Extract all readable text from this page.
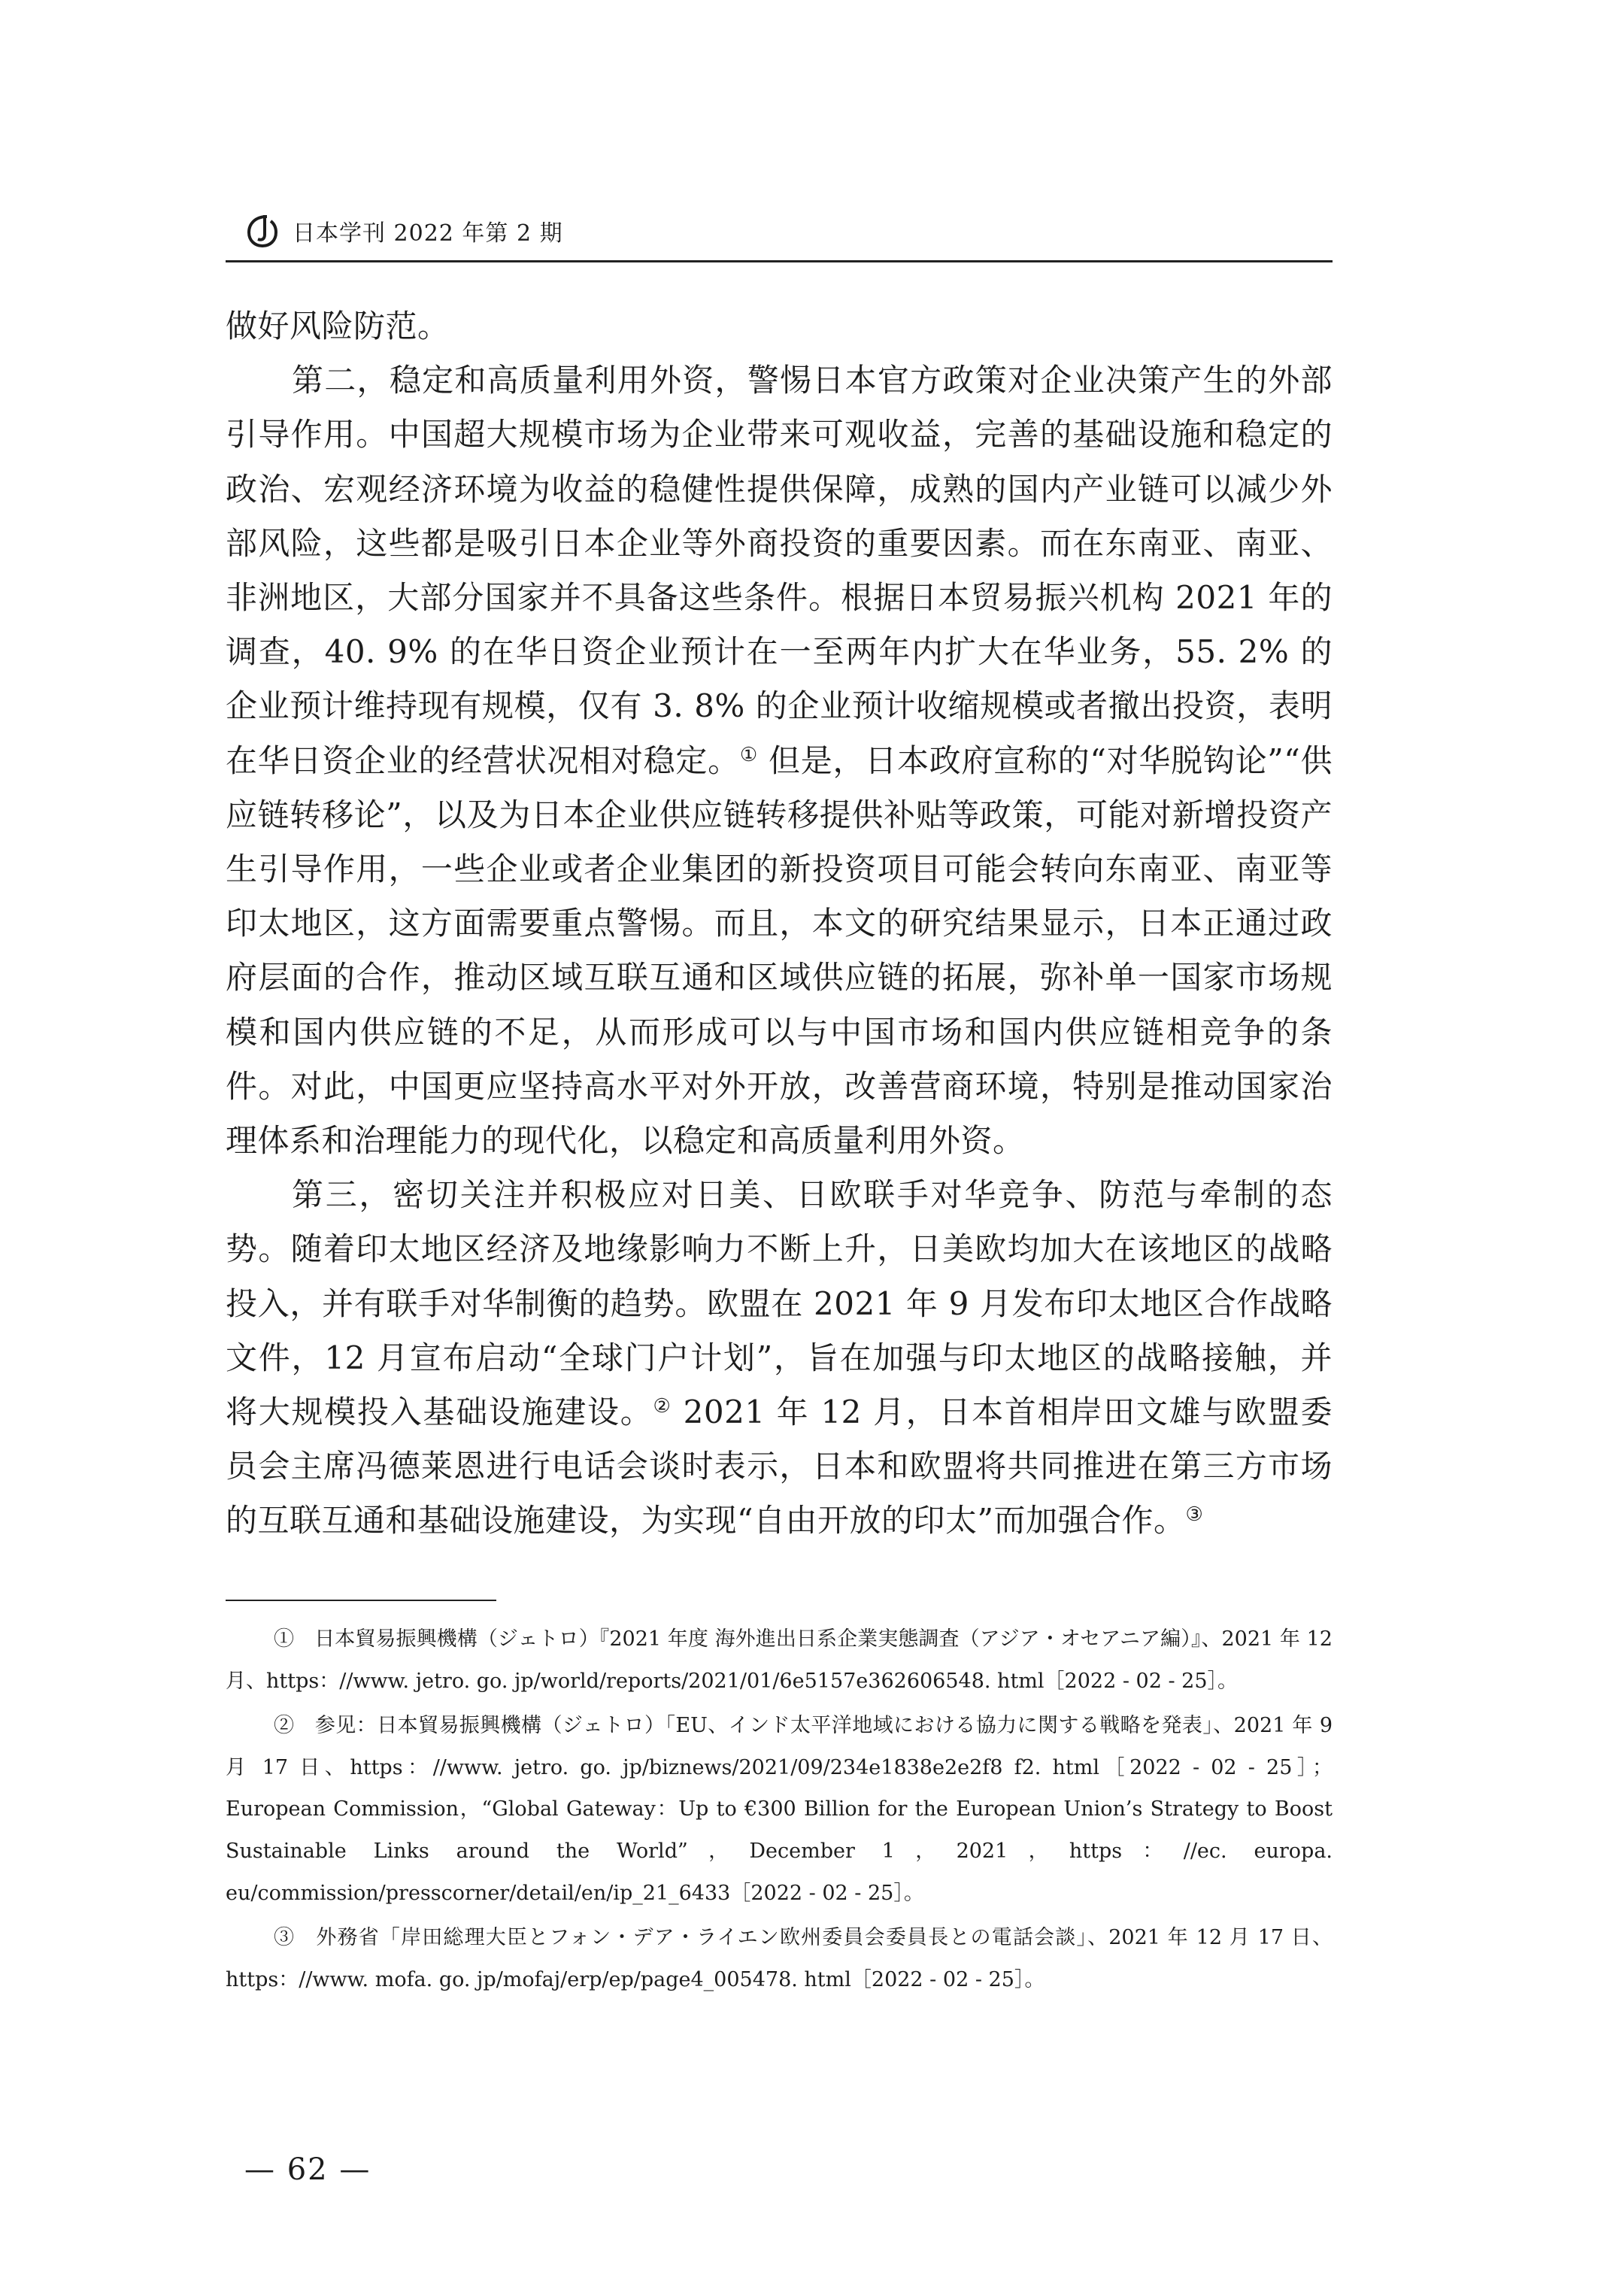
日本学刊 2022 年第 2 期

做好风险防范。

第二，稳定和高质量利用外资，警惕日本官方政策对企业决策产生的外部引导作用。中国超大规模市场为企业带来可观收益，完善的基础设施和稳定的政治、宏观经济环境为收益的稳健性提供保障，成熟的国内产业链可以减少外部风险，这些都是吸引日本企业等外商投资的重要因素。而在东南亚、南亚、非洲地区，大部分国家并不具备这些条件。根据日本贸易振兴机构 2021 年的调查，40. 9% 的在华日资企业预计在一至两年内扩大在华业务，55. 2% 的企业预计维持现有规模，仅有 3. 8% 的企业预计收缩规模或者撤出投资，表明在华日资企业的经营状况相对稳定。① 但是，日本政府宣称的“对华脱钩论”“供应链转移论”，以及为日本企业供应链转移提供补贴等政策，可能对新增投资产生引导作用，一些企业或者企业集团的新投资项目可能会转向东南亚、南亚等印太地区，这方面需要重点警惕。而且，本文的研究结果显示，日本正通过政府层面的合作，推动区域互联互通和区域供应链的拓展，弥补单一国家市场规模和国内供应链的不足，从而形成可以与中国市场和国内供应链相竞争的条件。对此，中国更应坚持高水平对外开放，改善营商环境，特别是推动国家治理体系和治理能力的现代化，以稳定和高质量利用外资。

第三，密切关注并积极应对日美、日欧联手对华竞争、防范与牵制的态势。随着印太地区经济及地缘影响力不断上升，日美欧均加大在该地区的战略投入，并有联手对华制衡的趋势。欧盟在 2021 年 9 月发布印太地区合作战略文件，12 月宣布启动“全球门户计划”，旨在加强与印太地区的战略接触，并将大规模投入基础设施建设。② 2021 年 12 月，日本首相岸田文雄与欧盟委员会主席冯德莱恩进行电话会谈时表示，日本和欧盟将共同推进在第三方市场的互联互通和基础设施建设，为实现“自由开放的印太”而加强合作。③

①　日本貿易振興機構（ジェトロ）『2021 年度 海外進出日系企業実態調査（アジア・オセアニア編）』、2021 年 12 月、https：//www. jetro. go. jp/world/reports/2021/01/6e5157e362606548. html［2022 - 02 - 25］。

②　参见：日本貿易振興機構（ジェトロ）「EU、インド太平洋地域における協力に関する戦略を発表」、2021 年 9 月 17 日、https：//www. jetro. go. jp/biznews/2021/09/234e1838e2e2f8 f2. html［2022 - 02 - 25］；European Commission，“Global Gateway：Up to €300 Billion for the European Union’s Strategy to Boost Sustainable Links around the World”，December 1，2021，https：//ec. europa. eu/commission/presscorner/detail/en/ip_21_6433［2022 - 02 - 25］。

③　外務省「岸田総理大臣とフォン・デア・ライエン欧州委員会委員長との電話会談」、2021 年 12 月 17 日、https：//www. mofa. go. jp/mofaj/erp/ep/page4_005478. html［2022 - 02 - 25］。

— 62 —
